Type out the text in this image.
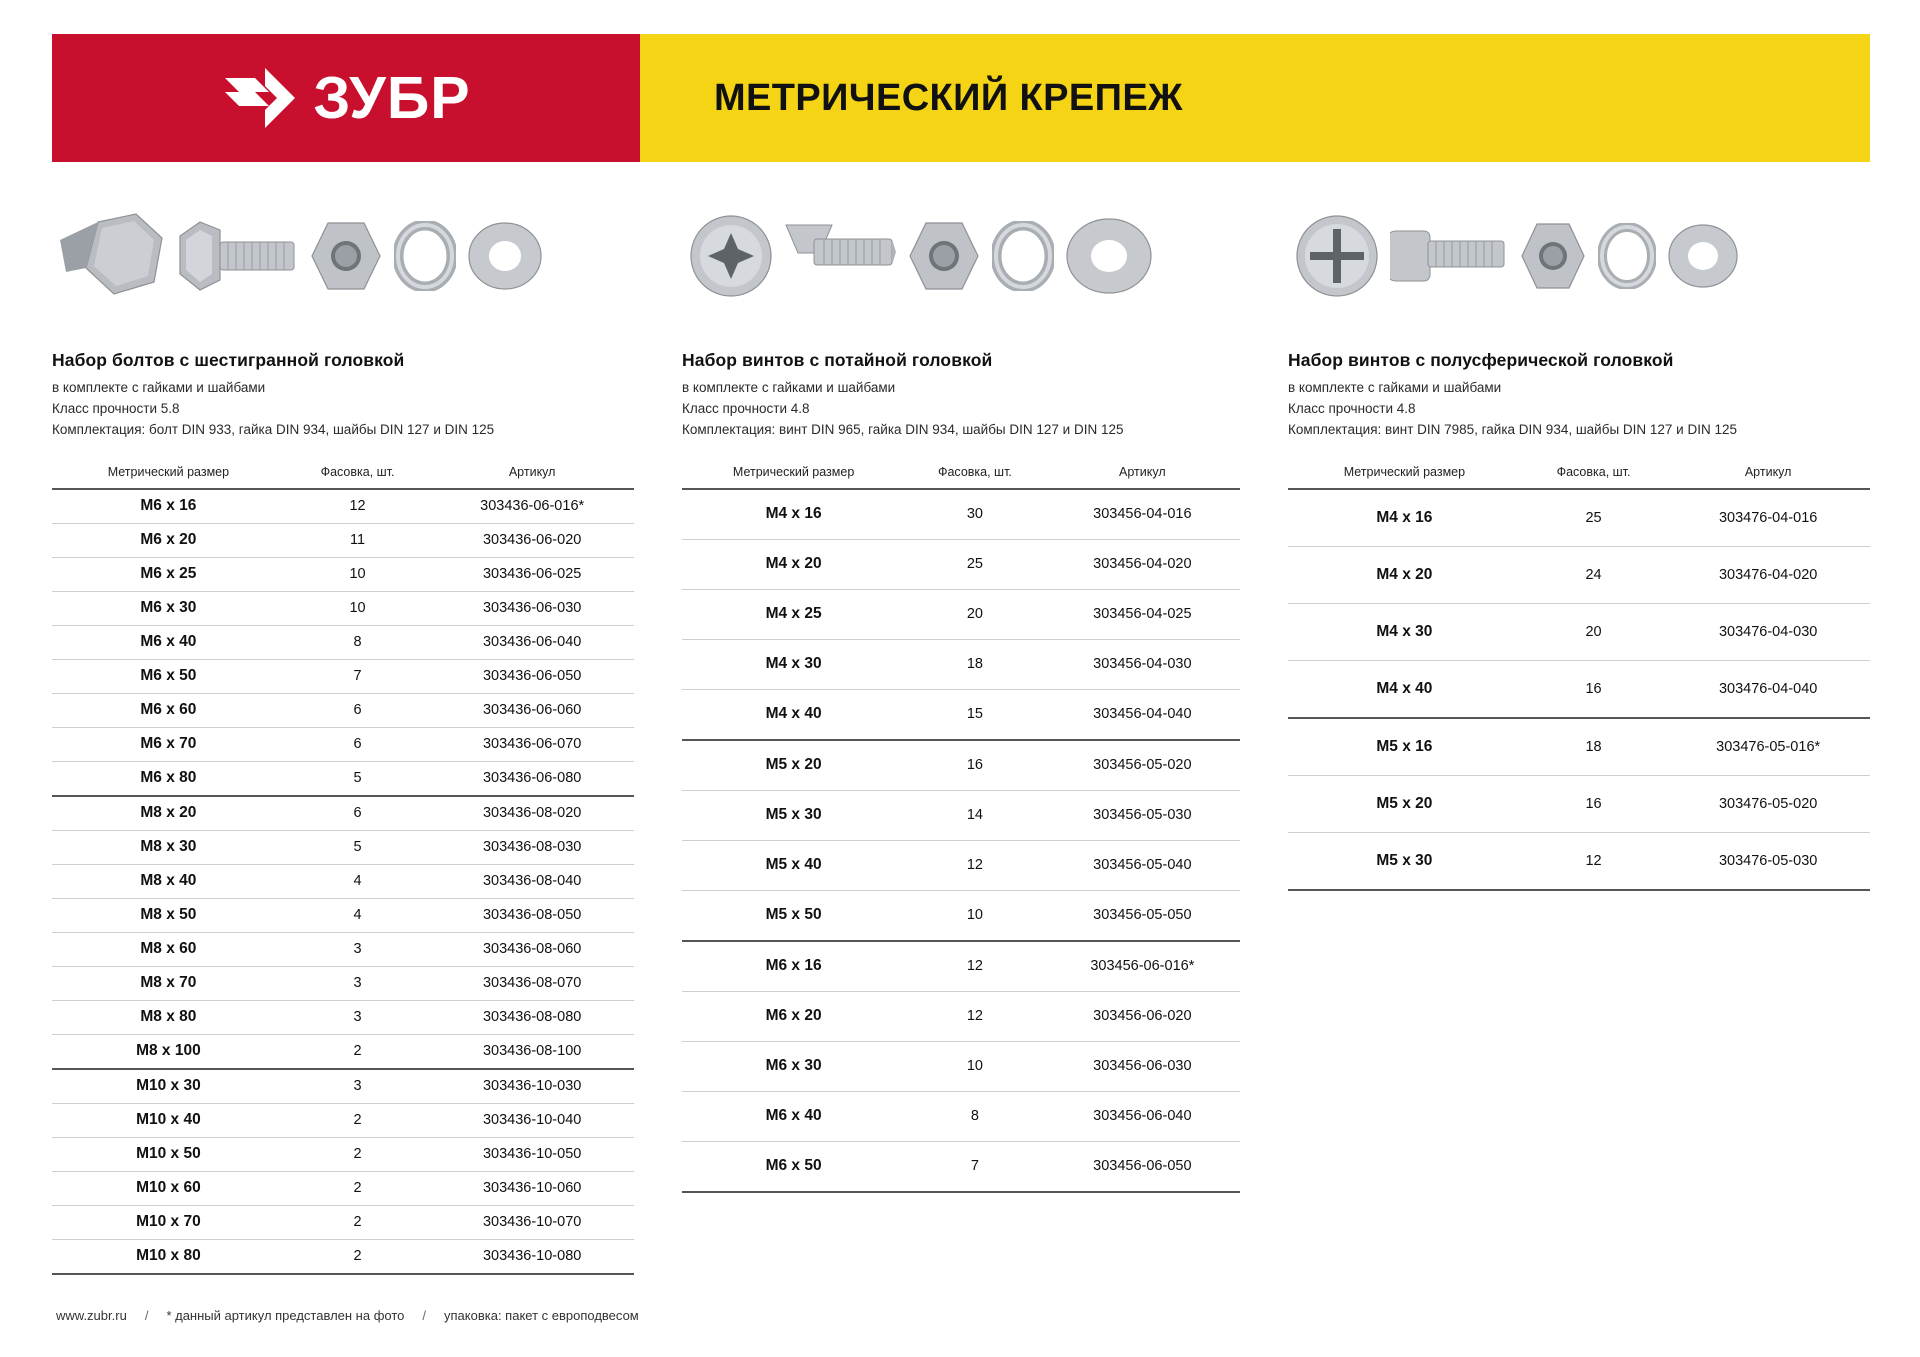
ЗУБР	МЕТРИЧЕСКИЙ КРЕПЕЖ
Набор болтов с шестигранной головкой
в комплекте с гайками и шайбами
Класс прочности 5.8
Комплектация: болт DIN 933, гайка DIN 934, шайбы DIN 127 и DIN 125
Метрический размер	Фасовка, шт.	Артикул
M6 x 16	12	303436-06-016*
M6 x 20	11	303436-06-020
M6 x 25	10	303436-06-025
M6 x 30	10	303436-06-030
M6 x 40	8	303436-06-040
M6 x 50	7	303436-06-050
M6 x 60	6	303436-06-060
M6 x 70	6	303436-06-070
M6 x 80	5	303436-06-080
M8 x 20	6	303436-08-020
M8 x 30	5	303436-08-030
M8 x 40	4	303436-08-040
M8 x 50	4	303436-08-050
M8 x 60	3	303436-08-060
M8 x 70	3	303436-08-070
M8 x 80	3	303436-08-080
M8 x 100	2	303436-08-100
M10 x 30	3	303436-10-030
M10 x 40	2	303436-10-040
M10 x 50	2	303436-10-050
M10 x 60	2	303436-10-060
M10 x 70	2	303436-10-070
M10 x 80	2	303436-10-080
Набор винтов с потайной головкой
в комплекте с гайками и шайбами
Класс прочности 4.8
Комплектация: винт DIN 965, гайка DIN 934, шайбы DIN 127 и DIN 125
Метрический размер	Фасовка, шт.	Артикул
M4 x 16	30	303456-04-016
M4 x 20	25	303456-04-020
M4 x 25	20	303456-04-025
M4 x 30	18	303456-04-030
M4 x 40	15	303456-04-040
M5 x 20	16	303456-05-020
M5 x 30	14	303456-05-030
M5 x 40	12	303456-05-040
M5 x 50	10	303456-05-050
M6 x 16	12	303456-06-016*
M6 x 20	12	303456-06-020
M6 x 30	10	303456-06-030
M6 x 40	8	303456-06-040
M6 x 50	7	303456-06-050
Набор винтов с полусферической головкой
в комплекте с гайками и шайбами
Класс прочности 4.8
Комплектация: винт DIN 7985, гайка DIN 934, шайбы DIN 127 и DIN 125
Метрический размер	Фасовка, шт.	Артикул
M4 x 16	25	303476-04-016
M4 x 20	24	303476-04-020
M4 x 30	20	303476-04-030
M4 x 40	16	303476-04-040
M5 x 16	18	303476-05-016*
M5 x 20	16	303476-05-020
M5 x 30	12	303476-05-030
www.zubr.ru	/	* данный артикул представлен на фото	/	упаковка: пакет с европодвесом
